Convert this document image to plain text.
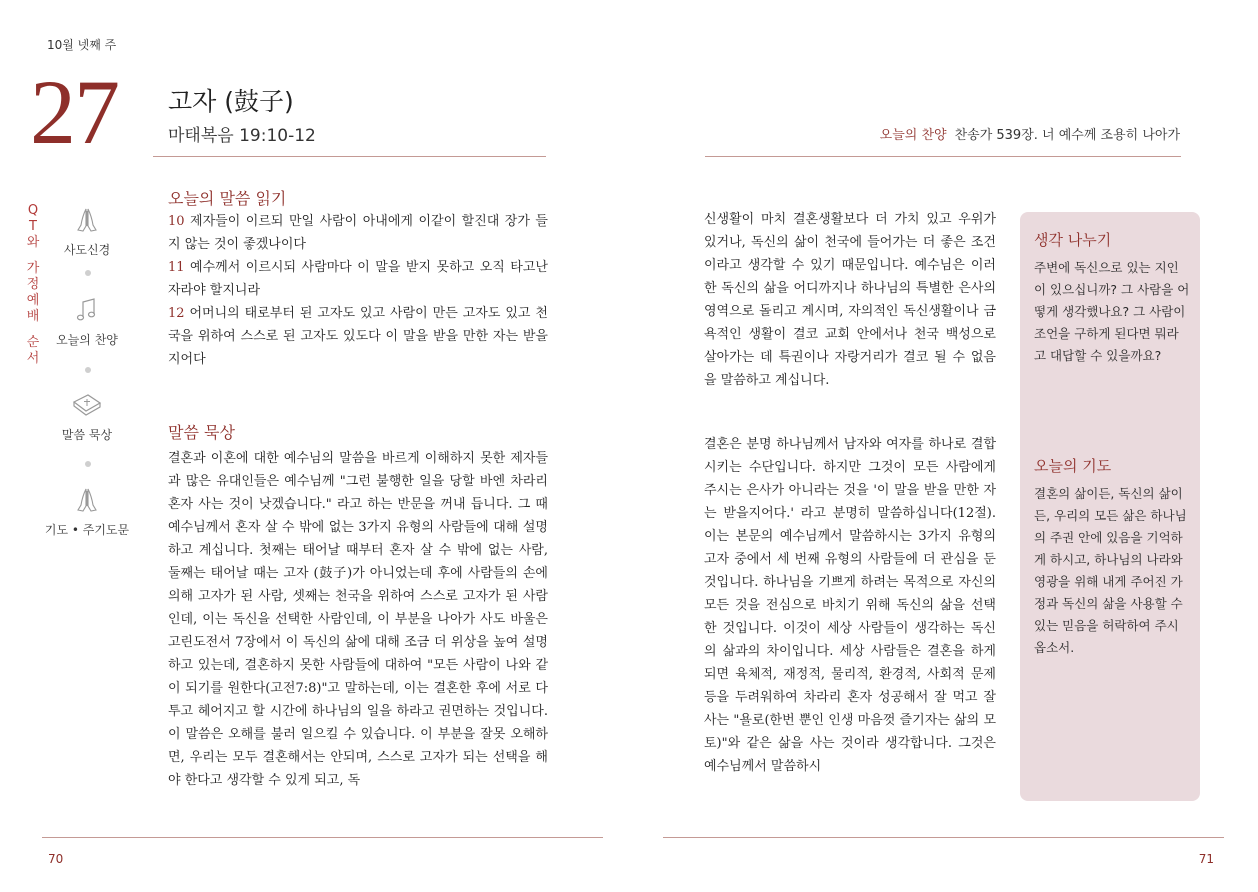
10월 넷째 주
27 고자 (鼓子)
마태복음 19:10-12	오늘의 찬양 찬송가 539장. 너 예수께 조용히 나아가
Q
T
와
가
정
예
배
순
서
사도신경
오늘의 찬양
말씀 묵상
기도 • 주기도문
오늘의 말씀 읽기
10 제자들이 이르되 만일 사람이 아내에게 이같이 할진대 장가 들지 않는 것이 좋겠나이다
11 예수께서 이르시되 사람마다 이 말을 받지 못하고 오직 타고난 자라야 할지니라
12 어머니의 태로부터 된 고자도 있고 사람이 만든 고자도 있고 천국을 위하여 스스로 된 고자도 있도다 이 말을 받을 만한 자는 받을지어다
말씀 묵상
결혼과 이혼에 대한 예수님의 말씀을 바르게 이해하지 못한 제자들과 많은 유대인들은 예수님께 "그런 불행한 일을 당할 바엔 차라리 혼자 사는 것이 낫겠습니다." 라고 하는 반문을 꺼내 듭니다. 그 때 예수님께서 혼자 살 수 밖에 없는 3가지 유형의 사람들에 대해 설명하고 계십니다. 첫째는 태어날 때부터 혼자 살 수 밖에 없는 사람, 둘째는 태어날 때는 고자 (鼓子)가 아니었는데 후에 사람들의 손에 의해 고자가 된 사람, 셋째는 천국을 위하여 스스로 고자가 된 사람인데, 이는 독신을 선택한 사람인데, 이 부분을 나아가 사도 바울은 고린도전서 7장에서 이 독신의 삶에 대해 조금 더 위상을 높여 설명하고 있는데, 결혼하지 못한 사람들에 대하여 "모든 사람이 나와 같이 되기를 원한다(고전7:8)"고 말하는데, 이는 결혼한 후에 서로 다투고 헤어지고 할 시간에 하나님의 일을 하라고 권면하는 것입니다. 이 말씀은 오해를 불러 일으킬 수 있습니다. 이 부분을 잘못 오해하면, 우리는 모두 결혼해서는 안되며, 스스로 고자가 되는 선택을 해야 한다고 생각할 수 있게 되고, 독
신생활이 마치 결혼생활보다 더 가치 있고 우위가 있거나, 독신의 삶이 천국에 들어가는 더 좋은 조건이라고 생각할 수 있기 때문입니다. 예수님은 이러한 독신의 삶을 어디까지나 하나님의 특별한 은사의 영역으로 돌리고 계시며, 자의적인 독신생활이나 금욕적인 생활이 결코 교회 안에서나 천국 백성으로 살아가는 데 특권이나 자랑거리가 결코 될 수 없음을 말씀하고 계십니다.
결혼은 분명 하나님께서 남자와 여자를 하나로 결합시키는 수단입니다. 하지만 그것이 모든 사람에게 주시는 은사가 아니라는 것을 '이 말을 받을 만한 자는 받을지어다.' 라고 분명히 말씀하십니다(12절). 이는 본문의 예수님께서 말씀하시는 3가지 유형의 고자 중에서 세 번째 유형의 사람들에 더 관심을 둔 것입니다. 하나님을 기쁘게 하려는 목적으로 자신의 모든 것을 전심으로 바치기 위해 독신의 삶을 선택한 것입니다. 이것이 세상 사람들이 생각하는 독신의 삶과의 차이입니다. 세상 사람들은 결혼을 하게 되면 육체적, 재정적, 물리적, 환경적, 사회적 문제 등을 두려워하여 차라리 혼자 성공해서 잘 먹고 잘 사는 "욜로(한번 뿐인 인생 마음껏 즐기자는 삶의 모토)"와 같은 삶을 사는 것이라 생각합니다. 그것은 예수님께서 말씀하시
생각 나누기
주변에 독신으로 있는 지인이 있으십니까? 그 사람을 어떻게 생각했나요? 그 사람이 조언을 구하게 된다면 뭐라고 대답할 수 있을까요?
오늘의 기도
결혼의 삶이든, 독신의 삶이든, 우리의 모든 삶은 하나님의 주권 안에 있음을 기억하게 하시고, 하나님의 나라와 영광을 위해 내게 주어진 가정과 독신의 삶을 사용할 수 있는 믿음을 허락하여 주시옵소서.
70	71
